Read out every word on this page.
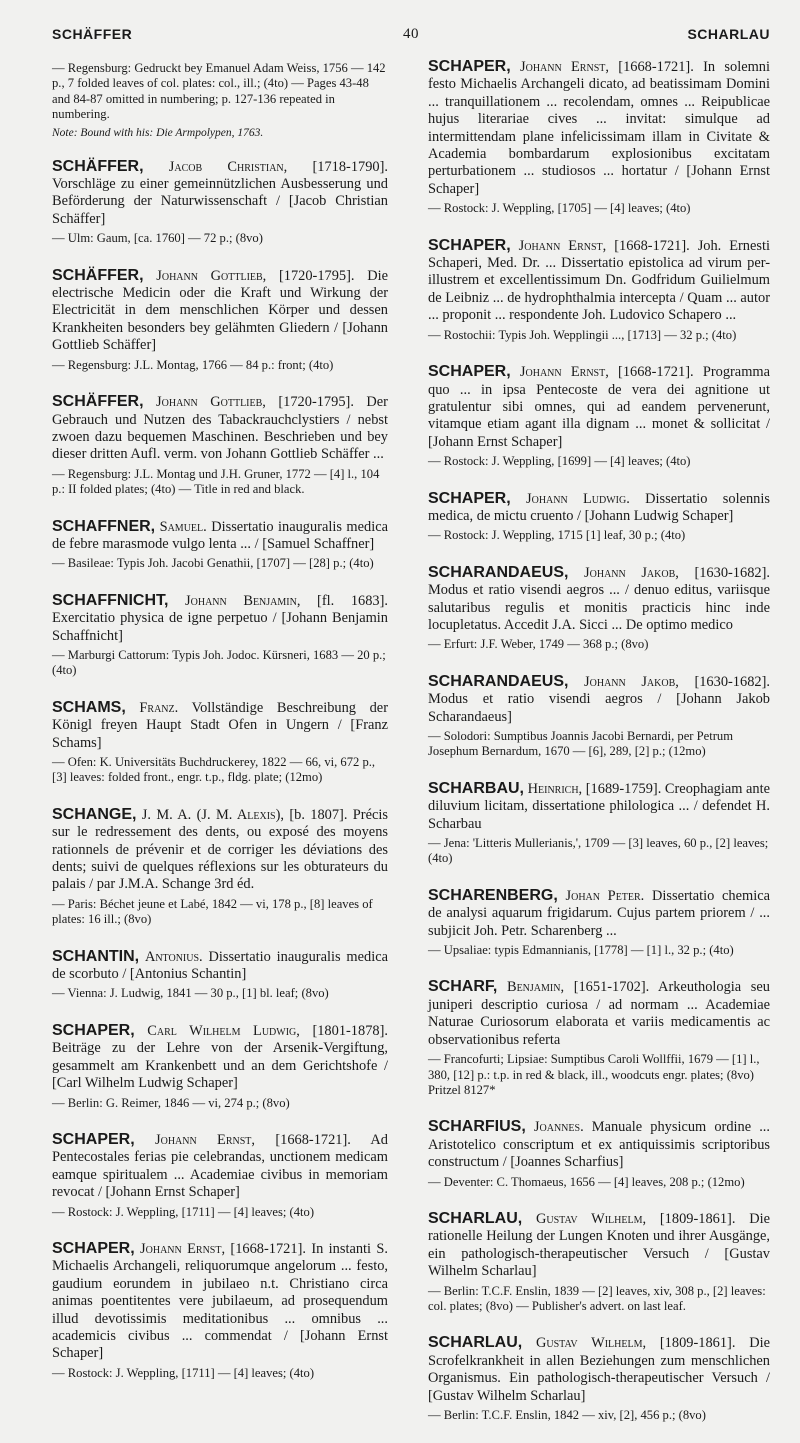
40
SCHÄFFER	SCHARLAU

— Regensburg: Gedruckt bey Emanuel Adam Weiss, 1756 — 142 p., 7 folded leaves of col. plates: col., ill.; (4to) — Pages 43-48 and 84-87 omitted in numbering; p. 127-136 repeated in numbering.

Note: Bound with his: Die Armpolypen, 1763.

SCHÄFFER, Jacob Christian, [1718-1790]. Vorschläge zu einer gemeinnützlichen Ausbesserung und Beförderung der Naturwissenschaft / [Jacob Christian Schäffer]

— Ulm: Gaum, [ca. 1760] — 72 p.; (8vo)

SCHÄFFER, Johann Gottlieb, [1720-1795]. Die electrische Medicin oder die Kraft und Wirkung der Electricität in dem menschlichen Körper und dessen Krankheiten besonders bey gelähmten Gliedern / [Johann Gottlieb Schäffer]

— Regensburg: J.L. Montag, 1766 — 84 p.: front; (4to)

SCHÄFFER, Johann Gottlieb, [1720-1795]. Der Gebrauch und Nutzen des Tabackrauchclystiers / nebst zwoen dazu bequemen Maschinen. Beschrieben und bey dieser dritten Aufl. verm. von Johann Gottlieb Schäffer ...

— Regensburg: J.L. Montag und J.H. Gruner, 1772 — [4] l., 104 p.: II folded plates; (4to) — Title in red and black.

SCHAFFNER, Samuel. Dissertatio inauguralis medica de febre marasmode vulgo lenta ... / [Samuel Schaffner]

— Basileae: Typis Joh. Jacobi Genathii, [1707] — [28] p.; (4to)

SCHAFFNICHT, Johann Benjamin, [fl. 1683]. Exercitatio physica de igne perpetuo / [Johann Benjamin Schaffnicht]

— Marburgi Cattorum: Typis Joh. Jodoc. Kürsneri, 1683 — 20 p.; (4to)

SCHAMS, Franz. Vollständige Beschreibung der Königl freyen Haupt Stadt Ofen in Ungern / [Franz Schams]

— Ofen: K. Universitäts Buchdruckerey, 1822 — 66, vi, 672 p., [3] leaves: folded front., engr. t.p., fldg. plate; (12mo)

SCHANGE, J. M. A. (J. M. Alexis), [b. 1807]. Précis sur le redressement des dents, ou exposé des moyens rationnels de prévenir et de corriger les déviations des dents; suivi de quelques réflexions sur les obturateurs du palais / par J.M.A. Schange 3rd éd.

— Paris: Béchet jeune et Labé, 1842 — vi, 178 p., [8] leaves of plates: 16 ill.; (8vo)

SCHANTIN, Antonius. Dissertatio inauguralis medica de scorbuto / [Antonius Schantin]

— Vienna: J. Ludwig, 1841 — 30 p., [1] bl. leaf; (8vo)

SCHAPER, Carl Wilhelm Ludwig, [1801-1878]. Beiträge zu der Lehre von der Arsenik-Vergiftung, gesammelt am Krankenbett und an dem Gerichtshofe / [Carl Wilhelm Ludwig Schaper]

— Berlin: G. Reimer, 1846 — vi, 274 p.; (8vo)

SCHAPER, Johann Ernst, [1668-1721]. Ad Pentecostales ferias pie celebrandas, unctionem medicam eamque spiritualem ... Academiae civibus in memoriam revocat / [Johann Ernst Schaper]

— Rostock: J. Weppling, [1711] — [4] leaves; (4to)

SCHAPER, Johann Ernst, [1668-1721]. In instanti S. Michaelis Archangeli, reliquorumque angelorum ... festo, gaudium eorundem in jubilaeo n.t. Christiano circa animas poentitentes vere jubilaeum, ad prosequendum illud devotissimis meditationibus ... omnibus ... academicis civibus ... commendat / [Johann Ernst Schaper]

— Rostock: J. Weppling, [1711] — [4] leaves; (4to)

SCHAPER, Johann Ernst, [1668-1721]. In solemni festo Michaelis Archangeli dicato, ad beatissimam Domini ... tranquillationem ... recolendam, omnes ... Reipublicae hujus literariae cives ... invitat: simulque ad intermittendam plane infelicissimam illam in Civitate & Academia bombardarum explosionibus excitatam perturbationem ... studiosos ... hortatur / [Johann Ernst Schaper]

— Rostock: J. Weppling, [1705] — [4] leaves; (4to)

SCHAPER, Johann Ernst, [1668-1721]. Joh. Ernesti Schaperi, Med. Dr. ... Dissertatio epistolica ad virum per-illustrem et excellentissimum Dn. Godfridum Guilielmum de Leibniz ... de hydrophthalmia intercepta / Quam ... autor ... proponit ... respondente Joh. Ludovico Schapero ...

— Rostochii: Typis Joh. Wepplingii ..., [1713] — 32 p.; (4to)

SCHAPER, Johann Ernst, [1668-1721]. Programma quo ... in ipsa Pentecoste de vera dei agnitione ut gratulentur sibi omnes, qui ad eandem pervenerunt, vitamque etiam agant illa dignam ... monet & sollicitat / [Johann Ernst Schaper]

— Rostock: J. Weppling, [1699] — [4] leaves; (4to)

SCHAPER, Johann Ludwig. Dissertatio solennis medica, de mictu cruento / [Johann Ludwig Schaper]

— Rostock: J. Weppling, 1715 [1] leaf, 30 p.; (4to)

SCHARANDAEUS, Johann Jakob, [1630-1682]. Modus et ratio visendi aegros ... / denuo editus, variisque salutaribus regulis et monitis practicis hinc inde locupletatus. Accedit J.A. Sicci ... De optimo medico

— Erfurt: J.F. Weber, 1749 — 368 p.; (8vo)

SCHARANDAEUS, Johann Jakob, [1630-1682]. Modus et ratio visendi aegros / [Johann Jakob Scharandaeus]

— Solodori: Sumptibus Joannis Jacobi Bernardi, per Petrum Josephum Bernardum, 1670 — [6], 289, [2] p.; (12mo)

SCHARBAU, Heinrich, [1689-1759]. Creophagiam ante diluvium licitam, dissertatione philologica ... / defendet H. Scharbau

— Jena: 'Litteris Mullerianis,', 1709 — [3] leaves, 60 p., [2] leaves; (4to)

SCHARENBERG, Johan Peter. Dissertatio chemica de analysi aquarum frigidarum. Cujus partem priorem / ... subjicit Joh. Petr. Scharenberg ...

— Upsaliae: typis Edmannianis, [1778] — [1] l., 32 p.; (4to)

SCHARF, Benjamin, [1651-1702]. Arkeuthologia seu juniperi descriptio curiosa / ad normam ... Academiae Naturae Curiosorum elaborata et variis medicamentis ac observationibus referta

— Francofurti; Lipsiae: Sumptibus Caroli Wollffii, 1679 — [1] l., 380, [12] p.: t.p. in red & black, ill., woodcuts engr. plates; (8vo) Pritzel 8127*

SCHARFIUS, Joannes. Manuale physicum ordine ... Aristotelico conscriptum et ex antiquissimis scriptoribus constructum / [Joannes Scharfius]

— Deventer: C. Thomaeus, 1656 — [4] leaves, 208 p.; (12mo)

SCHARLAU, Gustav Wilhelm, [1809-1861]. Die rationelle Heilung der Lungen Knoten und ihrer Ausgänge, ein pathologisch-therapeutischer Versuch / [Gustav Wilhelm Scharlau]

— Berlin: T.C.F. Enslin, 1839 — [2] leaves, xiv, 308 p., [2] leaves: col. plates; (8vo) — Publisher's advert. on last leaf.

SCHARLAU, Gustav Wilhelm, [1809-1861]. Die Scrofelkrankheit in allen Beziehungen zum menschlichen Organismus. Ein pathologisch-therapeutischer Versuch / [Gustav Wilhelm Scharlau]

— Berlin: T.C.F. Enslin, 1842 — xiv, [2], 456 p.; (8vo)
